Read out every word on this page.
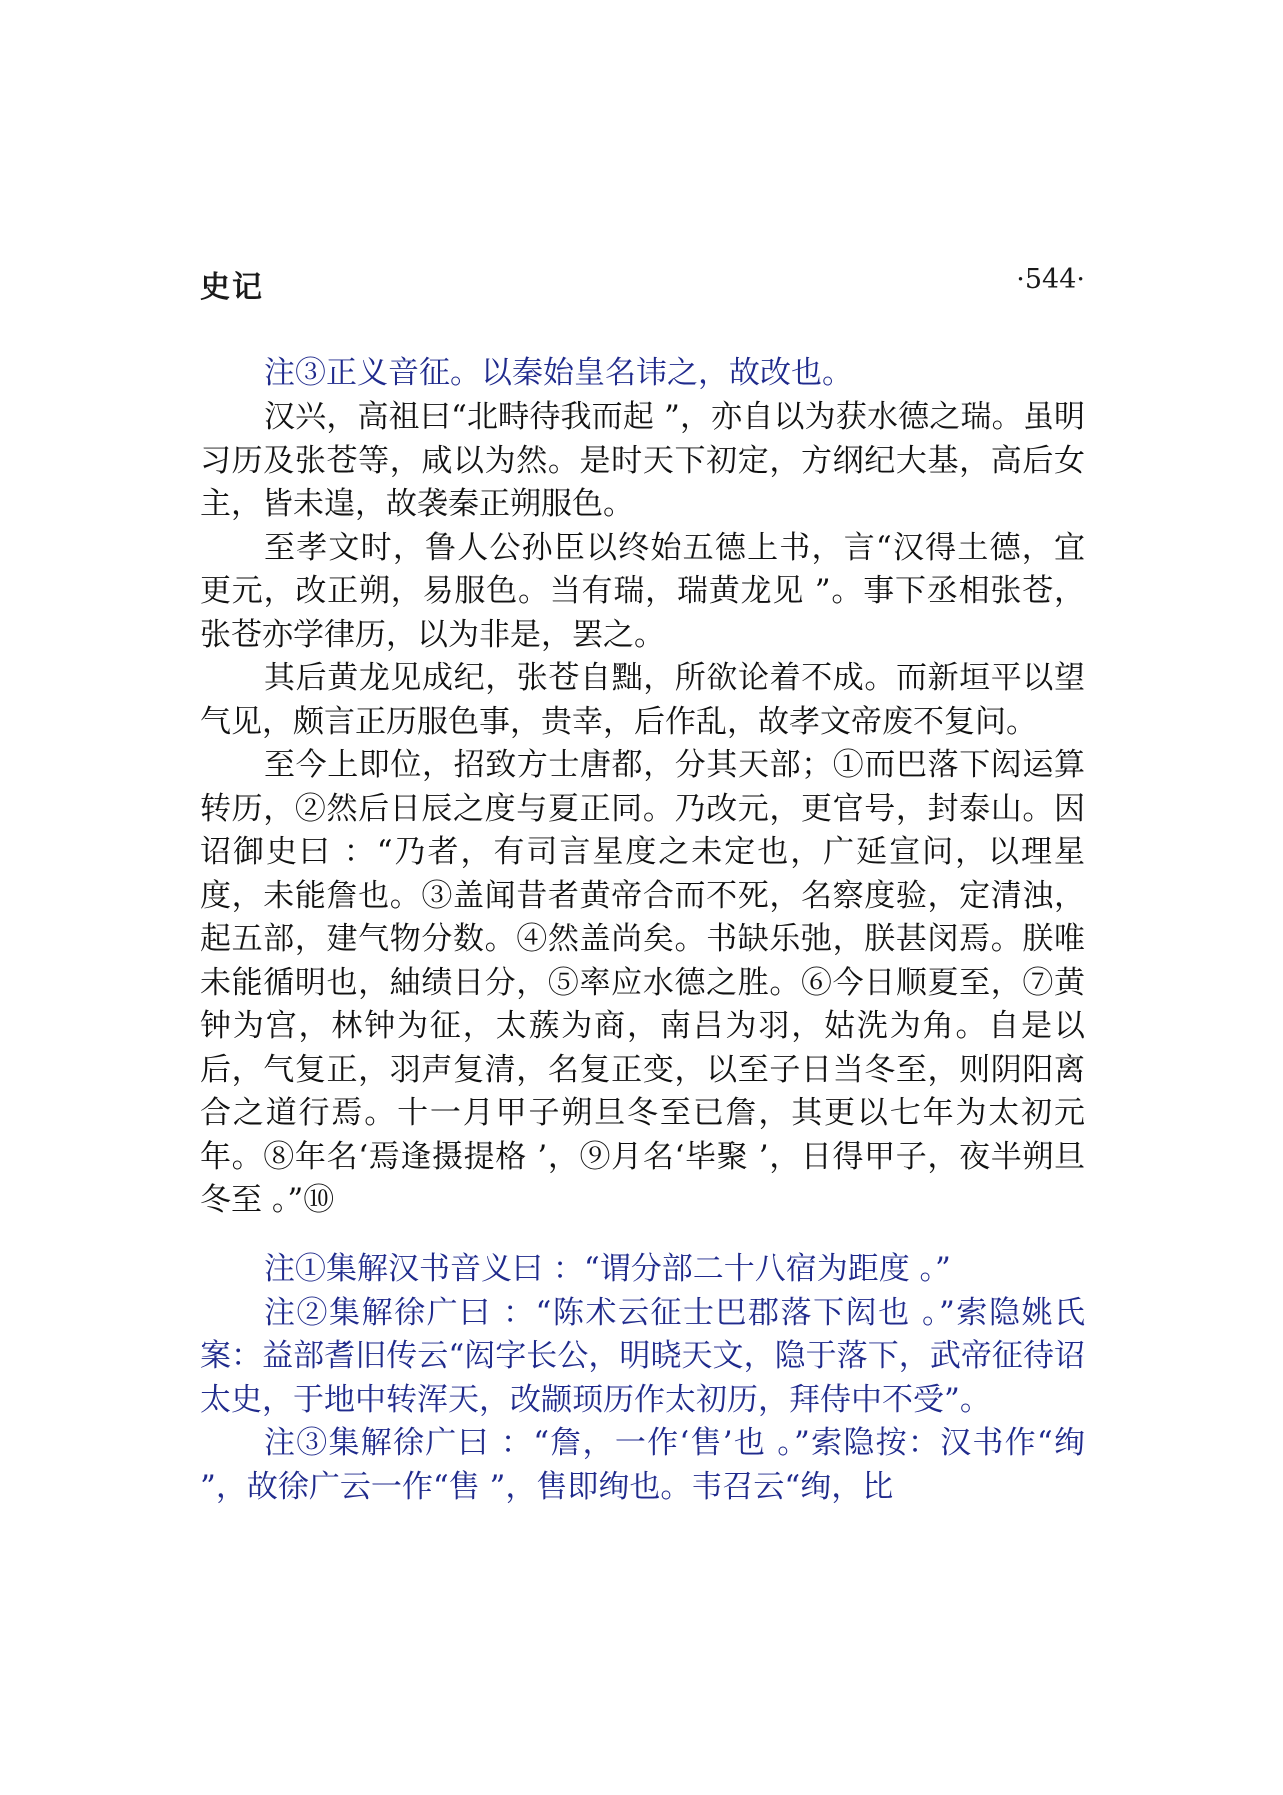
史记	·544·

注③正义音征。以秦始皇名讳之，故改也。

汉兴，高祖曰“北畤待我而起 ”，亦自以为获水德之瑞。虽明习历及张苍等，咸以为然。是时天下初定，方纲纪大基，高后女主，皆未遑，故袭秦正朔服色。

至孝文时，鲁人公孙臣以终始五德上书，言“汉得土德，宜更元，改正朔，易服色。当有瑞，瑞黄龙见 ”。事下丞相张苍，张苍亦学律历，以为非是，罢之。

其后黄龙见成纪，张苍自黜，所欲论着不成。而新垣平以望气见，颇言正历服色事，贵幸，后作乱，故孝文帝废不复问。

至今上即位，招致方士唐都，分其天部；①而巴落下闳运算转历，②然后日辰之度与夏正同。乃改元，更官号，封泰山。因诏御史曰 ：“乃者，有司言星度之未定也，广延宣问，以理星度，未能詹也。③盖闻昔者黄帝合而不死，名察度验，定清浊，起五部，建气物分数。④然盖尚矣。书缺乐弛，朕甚闵焉。朕唯未能循明也，紬绩日分，⑤率应水德之胜。⑥今日顺夏至，⑦黄钟为宫，林钟为征，太蔟为商，南吕为羽，姑洗为角。自是以后，气复正，羽声复清，名复正变，以至子日当冬至，则阴阳离合之道行焉。十一月甲子朔旦冬至已詹，其更以七年为太初元年。⑧年名‘焉逢摄提格 ’，⑨月名‘毕聚 ’，日得甲子，夜半朔旦冬至 。”⑩

注①集解汉书音义曰 ：“谓分部二十八宿为距度 。”

注②集解徐广曰 ：“陈术云征士巴郡落下闳也 。”索隐姚氏案：益部耆旧传云“闳字长公，明晓天文，隐于落下，武帝征待诏太史，于地中转浑天，改颛顼历作太初历，拜侍中不受”。

注③集解徐广曰 ：“詹，一作‘售’也 。”索隐按：汉书作“绚 ”，故徐广云一作“售 ”，售即绚也。韦召云“绚，比
